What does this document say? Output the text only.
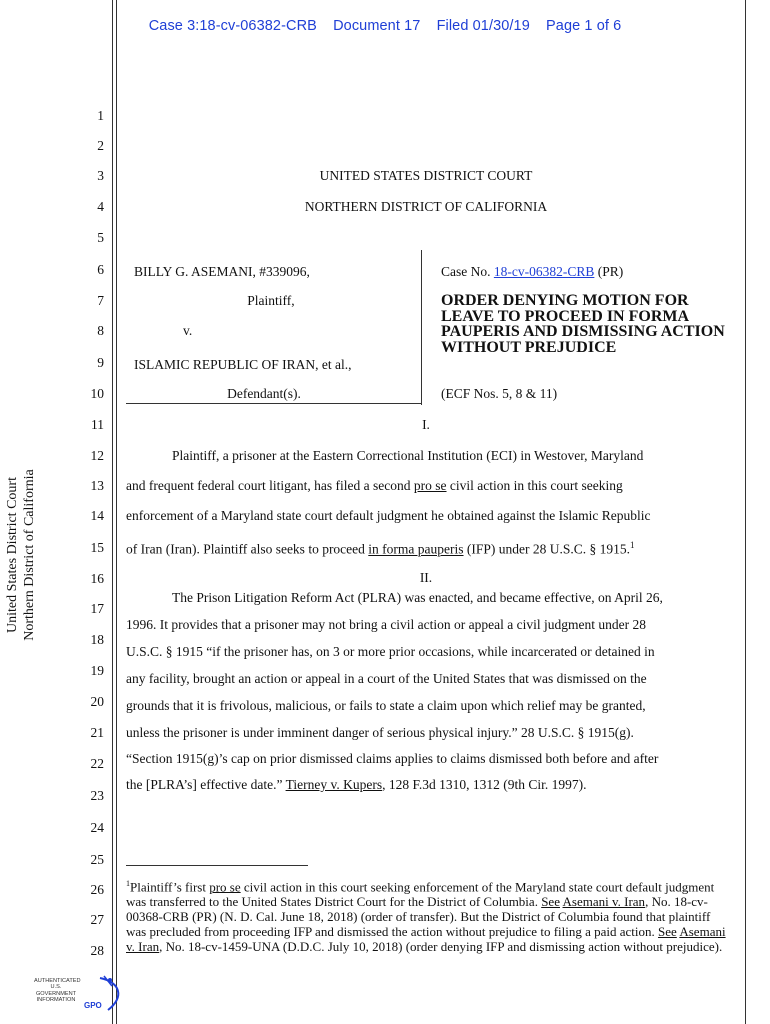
Case 3:18-cv-06382-CRB Document 17 Filed 01/30/19 Page 1 of 6
1
2
3
4
5
6
7
8
9
10
11
12
13
14
15
16
17
18
19
20
21
22
23
24
25
26
27
28
United States District Court Northern District of California
UNITED STATES DISTRICT COURT
NORTHERN DISTRICT OF CALIFORNIA
BILLY G. ASEMANI, #339096,
Plaintiff,
v.
ISLAMIC REPUBLIC OF IRAN, et al.,
Defendant(s).
Case No. 18-cv-06382-CRB (PR)
ORDER DENYING MOTION FOR LEAVE TO PROCEED IN FORMA PAUPERIS AND DISMISSING ACTION WITHOUT PREJUDICE
(ECF Nos. 5, 8 & 11)
I.
Plaintiff, a prisoner at the Eastern Correctional Institution (ECI) in Westover, Maryland
and frequent federal court litigant, has filed a second pro se civil action in this court seeking
enforcement of a Maryland state court default judgment he obtained against the Islamic Republic
of Iran (Iran). Plaintiff also seeks to proceed in forma pauperis (IFP) under 28 U.S.C. § 1915.$^1$
II.
The Prison Litigation Reform Act (PLRA) was enacted, and became effective, on April 26,
1996. It provides that a prisoner may not bring a civil action or appeal a civil judgment under 28
U.S.C. § 1915 “if the prisoner has, on 3 or more prior occasions, while incarcerated or detained in
any facility, brought an action or appeal in a court of the United States that was dismissed on the
grounds that it is frivolous, malicious, or fails to state a claim upon which relief may be granted,
unless the prisoner is under imminent danger of serious physical injury.” 28 U.S.C. § 1915(g).
“Section 1915(g)’s cap on prior dismissed claims applies to claims dismissed both before and after
the [PLRA’s] effective date.” Tierney v. Kupers, 128 F.3d 1310, 1312 (9th Cir. 1997).
$^1$Plaintiff’s first pro se civil action in this court seeking enforcement of the Maryland state court default judgment was transferred to the United States District Court for the District of Columbia. See Asemani v. Iran, No. 18-cv-00368-CRB (PR) (N. D. Cal. June 18, 2018) (order of transfer). But the District of Columbia found that plaintiff was precluded from proceeding IFP and dismissed the action without prejudice to filing a paid action. See Asemani v. Iran, No. 18-cv-1459-UNA (D.D.C. July 10, 2018) (order denying IFP and dismissing action without prejudice).
AUTHENTICATED
U.S. GOVERNMENT
INFORMATION
GPO
